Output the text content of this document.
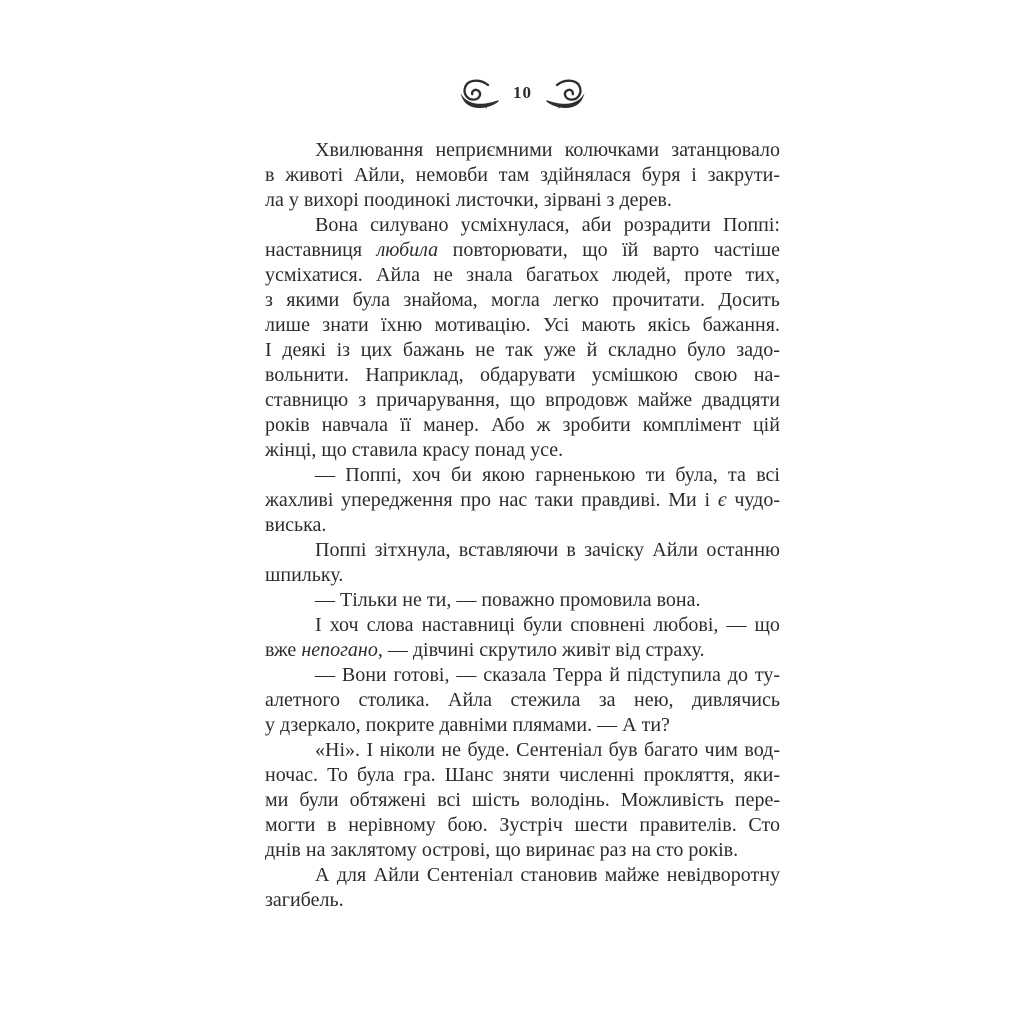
10
Хвилювання неприємними колючками затанцювало
в животі Айли, немовби там здійнялася буря і закрути-
ла у вихорі поодинокі листочки, зірвані з дерев.
Вона силувано усміхнулася, аби розрадити Поппі:
наставниця любила повторювати, що їй варто частіше
усміхатися. Айла не знала багатьох людей, проте тих,
з якими була знайома, могла легко прочитати. Досить
лише знати їхню мотивацію. Усі мають якісь бажання.
І деякі із цих бажань не так уже й складно було задо-
вольнити. Наприклад, обдарувати усмішкою свою на-
ставницю з причарування, що впродовж майже двадцяти
років навчала її манер. Або ж зробити комплімент цій
жінці, що ставила красу понад усе.
— Поппі, хоч би якою гарненькою ти була, та всі
жахливі упередження про нас таки правдиві. Ми і є чудо-
виська.
Поппі зітхнула, вставляючи в зачіску Айли останню
шпильку.
— Тільки не ти, — поважно промовила вона.
І хоч слова наставниці були сповнені любові, — що
вже непогано, — дівчині скрутило живіт від страху.
— Вони готові, — сказала Терра й підступила до ту-
алетного столика. Айла стежила за нею, дивлячись
у дзеркало, покрите давніми плямами. — А ти?
«Ні». І ніколи не буде. Сентеніал був багато чим вод-
ночас. То була гра. Шанс зняти численні прокляття, яки-
ми були обтяжені всі шість володінь. Можливість пере-
могти в нерівному бою. Зустріч шести правителів. Сто
днів на заклятому острові, що виринає раз на сто років.
А для Айли Сентеніал становив майже невідворотну
загибель.
